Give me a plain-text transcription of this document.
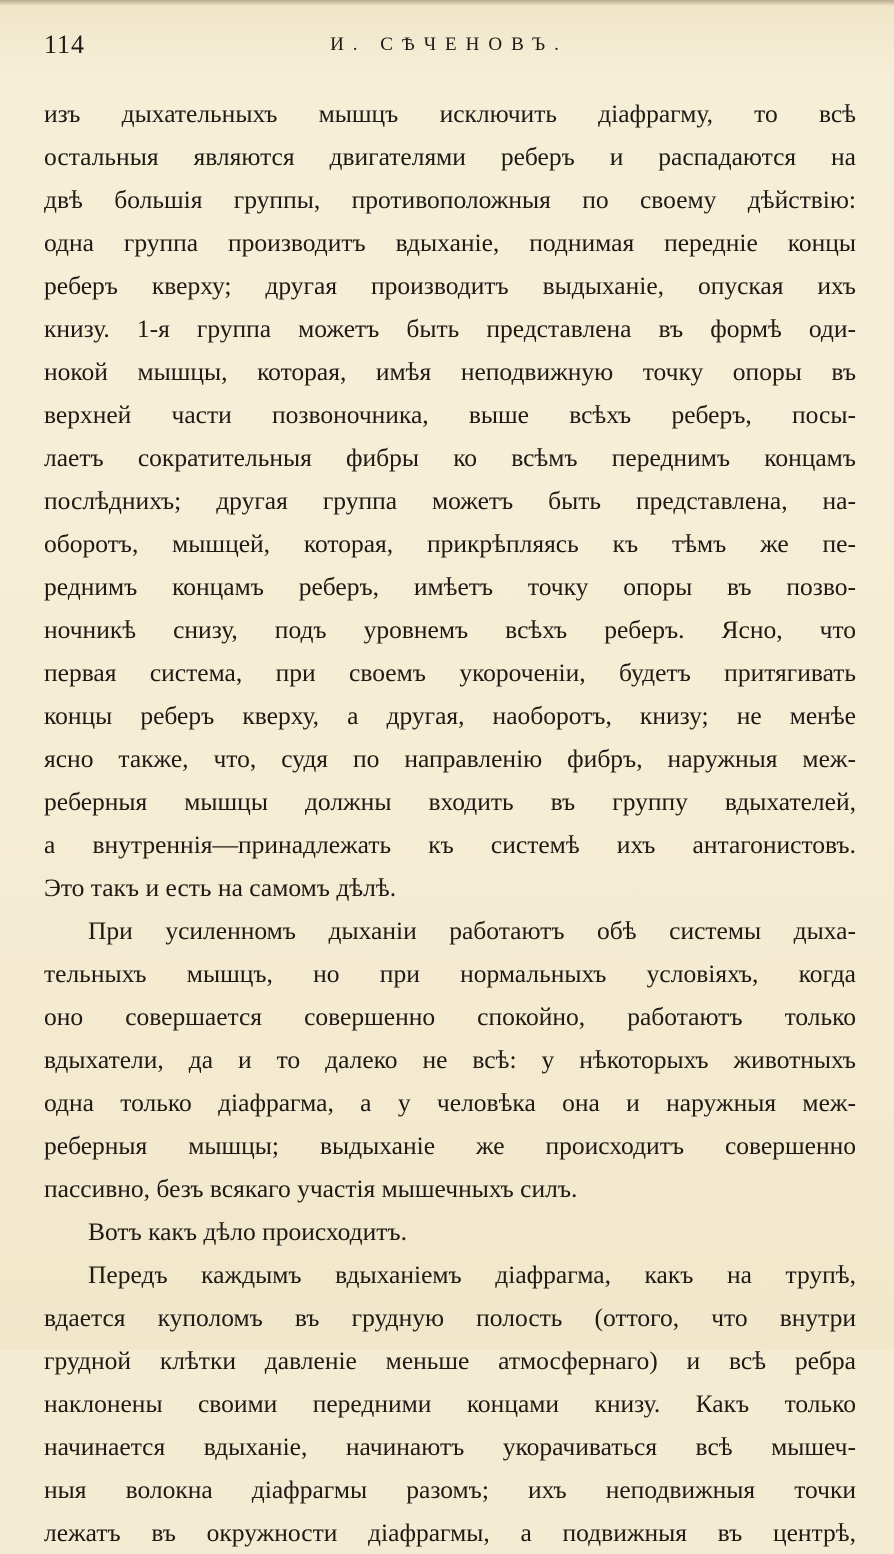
114	И. СѢЧЕНОВЪ.
изъ дыхательныхъ мышцъ исключить діафрагму, то всѣ
остальныя являются двигателями реберъ и распадаются на
двѣ большія группы, противоположныя по своему дѣйствію:
одна группа производитъ вдыханіе, поднимая передніе концы
реберъ кверху; другая производитъ выдыханіе, опуская ихъ
книзу. 1-я группа можетъ быть представлена въ формѣ оди-
нокой мышцы, которая, имѣя неподвижную точку опоры въ
верхней части позвоночника, выше всѣхъ реберъ, посы-
лаетъ сократительныя фибры ко всѣмъ переднимъ концамъ
послѣднихъ; другая группа можетъ быть представлена, на-
оборотъ, мышцей, которая, прикрѣпляясь къ тѣмъ же пе-
реднимъ концамъ реберъ, имѣетъ точку опоры въ позво-
ночникѣ снизу, подъ уровнемъ всѣхъ реберъ. Ясно, что
первая система, при своемъ укороченіи, будетъ притягивать
концы реберъ кверху, а другая, наоборотъ, книзу; не менѣе
ясно также, что, судя по направленію фибръ, наружныя меж-
реберныя мышцы должны входить въ группу вдыхателей,
а внутреннія—принадлежать къ системѣ ихъ антагонистовъ.
Это такъ и есть на самомъ дѣлѣ.
При усиленномъ дыханіи работаютъ обѣ системы дыха-
тельныхъ мышцъ, но при нормальныхъ условіяхъ, когда
оно совершается совершенно спокойно, работаютъ только
вдыхатели, да и то далеко не всѣ: у нѣкоторыхъ животныхъ
одна только діафрагма, а у человѣка она и наружныя меж-
реберныя мышцы; выдыханіе же происходитъ совершенно
пассивно, безъ всякаго участія мышечныхъ силъ.
Вотъ какъ дѣло происходитъ.
Передъ каждымъ вдыханіемъ діафрагма, какъ на трупѣ,
вдается куполомъ въ грудную полость (оттого, что внутри
грудной клѣтки давленіе меньше атмосфернаго) и всѣ ребра
наклонены своими передними концами книзу. Какъ только
начинается вдыханіе, начинаютъ укорачиваться всѣ мышеч-
ныя волокна діафрагмы разомъ; ихъ неподвижныя точки
лежатъ въ окружности діафрагмы, а подвижныя въ центрѣ,
